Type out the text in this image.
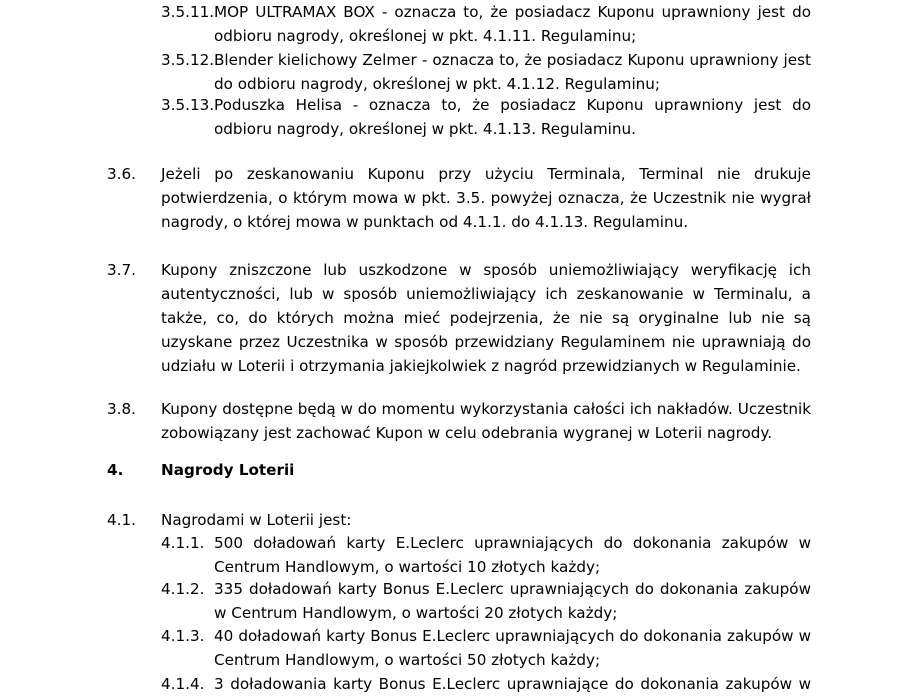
3.5.11. MOP ULTRAMAX BOX - oznacza to, że posiadacz Kuponu uprawniony jest do odbioru nagrody, określonej w pkt. 4.1.11. Regulaminu;
3.5.12. Blender kielichowy Zelmer - oznacza to, że posiadacz Kuponu uprawniony jest do odbioru nagrody, określonej w pkt. 4.1.12. Regulaminu;
3.5.13. Poduszka Helisa - oznacza to, że posiadacz Kuponu uprawniony jest do odbioru nagrody, określonej w pkt. 4.1.13. Regulaminu.
3.6. Jeżeli po zeskanowaniu Kuponu przy użyciu Terminala, Terminal nie drukuje potwierdzenia, o którym mowa w pkt. 3.5. powyżej oznacza, że Uczestnik nie wygrał nagrody, o której mowa w punktach od 4.1.1. do 4.1.13. Regulaminu.
3.7. Kupony zniszczone lub uszkodzone w sposób uniemożliwiający weryfikację ich autentyczności, lub w sposób uniemożliwiający ich zeskanowanie w Terminalu, a także, co, do których można mieć podejrzenia, że nie są oryginalne lub nie są uzyskane przez Uczestnika w sposób przewidziany Regulaminem nie uprawniają do udziału w Loterii i otrzymania jakiejkolwiek z nagród przewidzianych w Regulaminie.
3.8. Kupony dostępne będą w do momentu wykorzystania całości ich nakładów. Uczestnik zobowiązany jest zachować Kupon w celu odebrania wygranej w Loterii nagrody.
4. Nagrody Loterii
4.1. Nagrodami w Loterii jest:
4.1.1. 500 doładowań karty E.Leclerc uprawniających do dokonania zakupów w Centrum Handlowym, o wartości 10 złotych każdy;
4.1.2. 335 doładowań karty Bonus E.Leclerc uprawniających do dokonania zakupów w Centrum Handlowym, o wartości 20 złotych każdy;
4.1.3. 40 doładowań karty Bonus E.Leclerc uprawniających do dokonania zakupów w Centrum Handlowym, o wartości 50 złotych każdy;
4.1.4. 3 doładowania karty Bonus E.Leclerc uprawniające do dokonania zakupów w
